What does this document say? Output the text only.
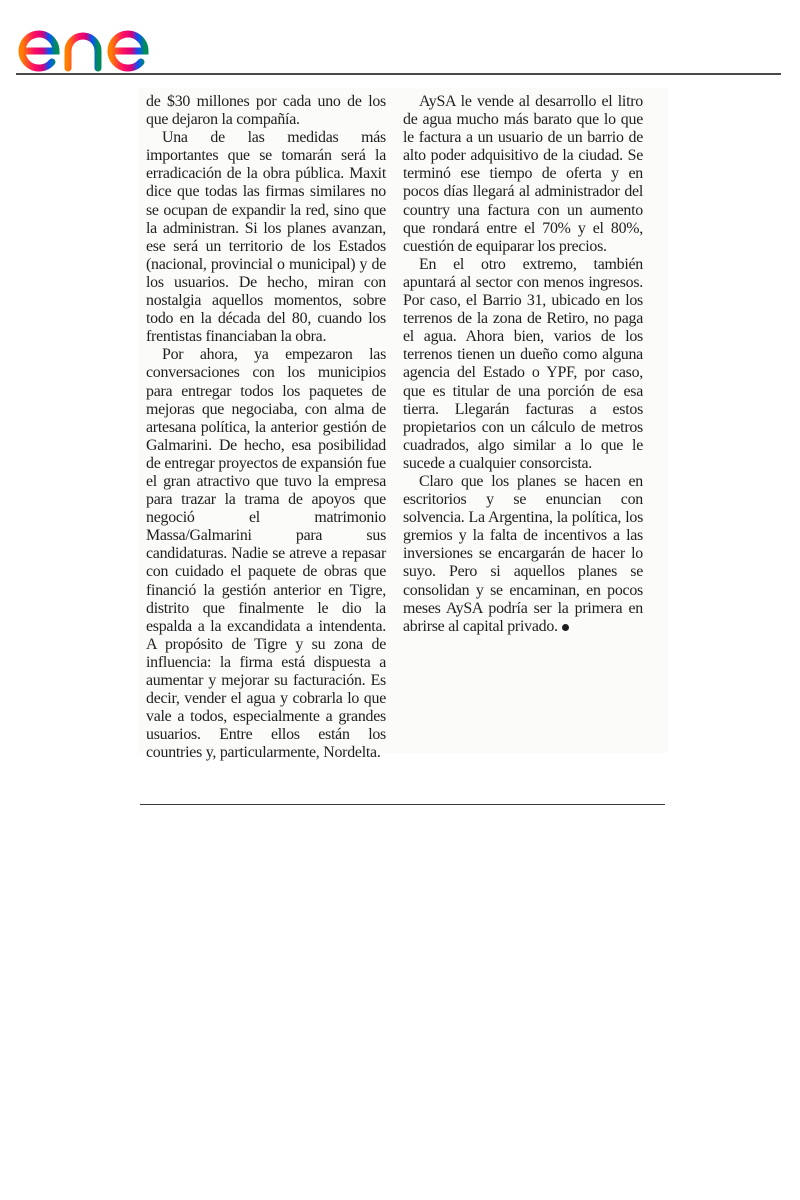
de $30 millones por cada uno de los que dejaron la compañía.

Una de las medidas más importantes que se tomarán será la erradicación de la obra pública. Maxit dice que todas las firmas similares no se ocupan de expandir la red, sino que la administran. Si los planes avanzan, ese será un territorio de los Estados (nacional, provincial o municipal) y de los usuarios. De hecho, miran con nostalgia aquellos momentos, sobre todo en la década del 80, cuando los frentistas financiaban la obra.

Por ahora, ya empezaron las conversaciones con los municipios para entregar todos los paquetes de mejoras que negociaba, con alma de artesana política, la anterior gestión de Galmarini. De hecho, esa posibilidad de entregar proyectos de expansión fue el gran atractivo que tuvo la empresa para trazar la trama de apoyos que negoció el matrimonio Massa/Galmarini para sus candidaturas. Nadie se atreve a repasar con cuidado el paquete de obras que financió la gestión anterior en Tigre, distrito que finalmente le dio la espalda a la excandidata a intendenta. A propósito de Tigre y su zona de influencia: la firma está dispuesta a aumentar y mejorar su facturación. Es decir, vender el agua y cobrarla lo que vale a todos, especialmente a grandes usuarios. Entre ellos están los countries y, particularmente, Nordelta.

AySA le vende al desarrollo el litro de agua mucho más barato que lo que le factura a un usuario de un barrio de alto poder adquisitivo de la ciudad. Se terminó ese tiempo de oferta y en pocos días llegará al administrador del country una factura con un aumento que rondará entre el 70% y el 80%, cuestión de equiparar los precios.

En el otro extremo, también apuntará al sector con menos ingresos. Por caso, el Barrio 31, ubicado en los terrenos de la zona de Retiro, no paga el agua. Ahora bien, varios de los terrenos tienen un dueño como alguna agencia del Estado o YPF, por caso, que es titular de una porción de esa tierra. Llegarán facturas a estos propietarios con un cálculo de metros cuadrados, algo similar a lo que le sucede a cualquier consorcista.

Claro que los planes se hacen en escritorios y se enuncian con solvencia. La Argentina, la política, los gremios y la falta de incentivos a las inversiones se encargarán de hacer lo suyo. Pero si aquellos planes se consolidan y se encaminan, en pocos meses AySA podría ser la primera en abrirse al capital privado.
